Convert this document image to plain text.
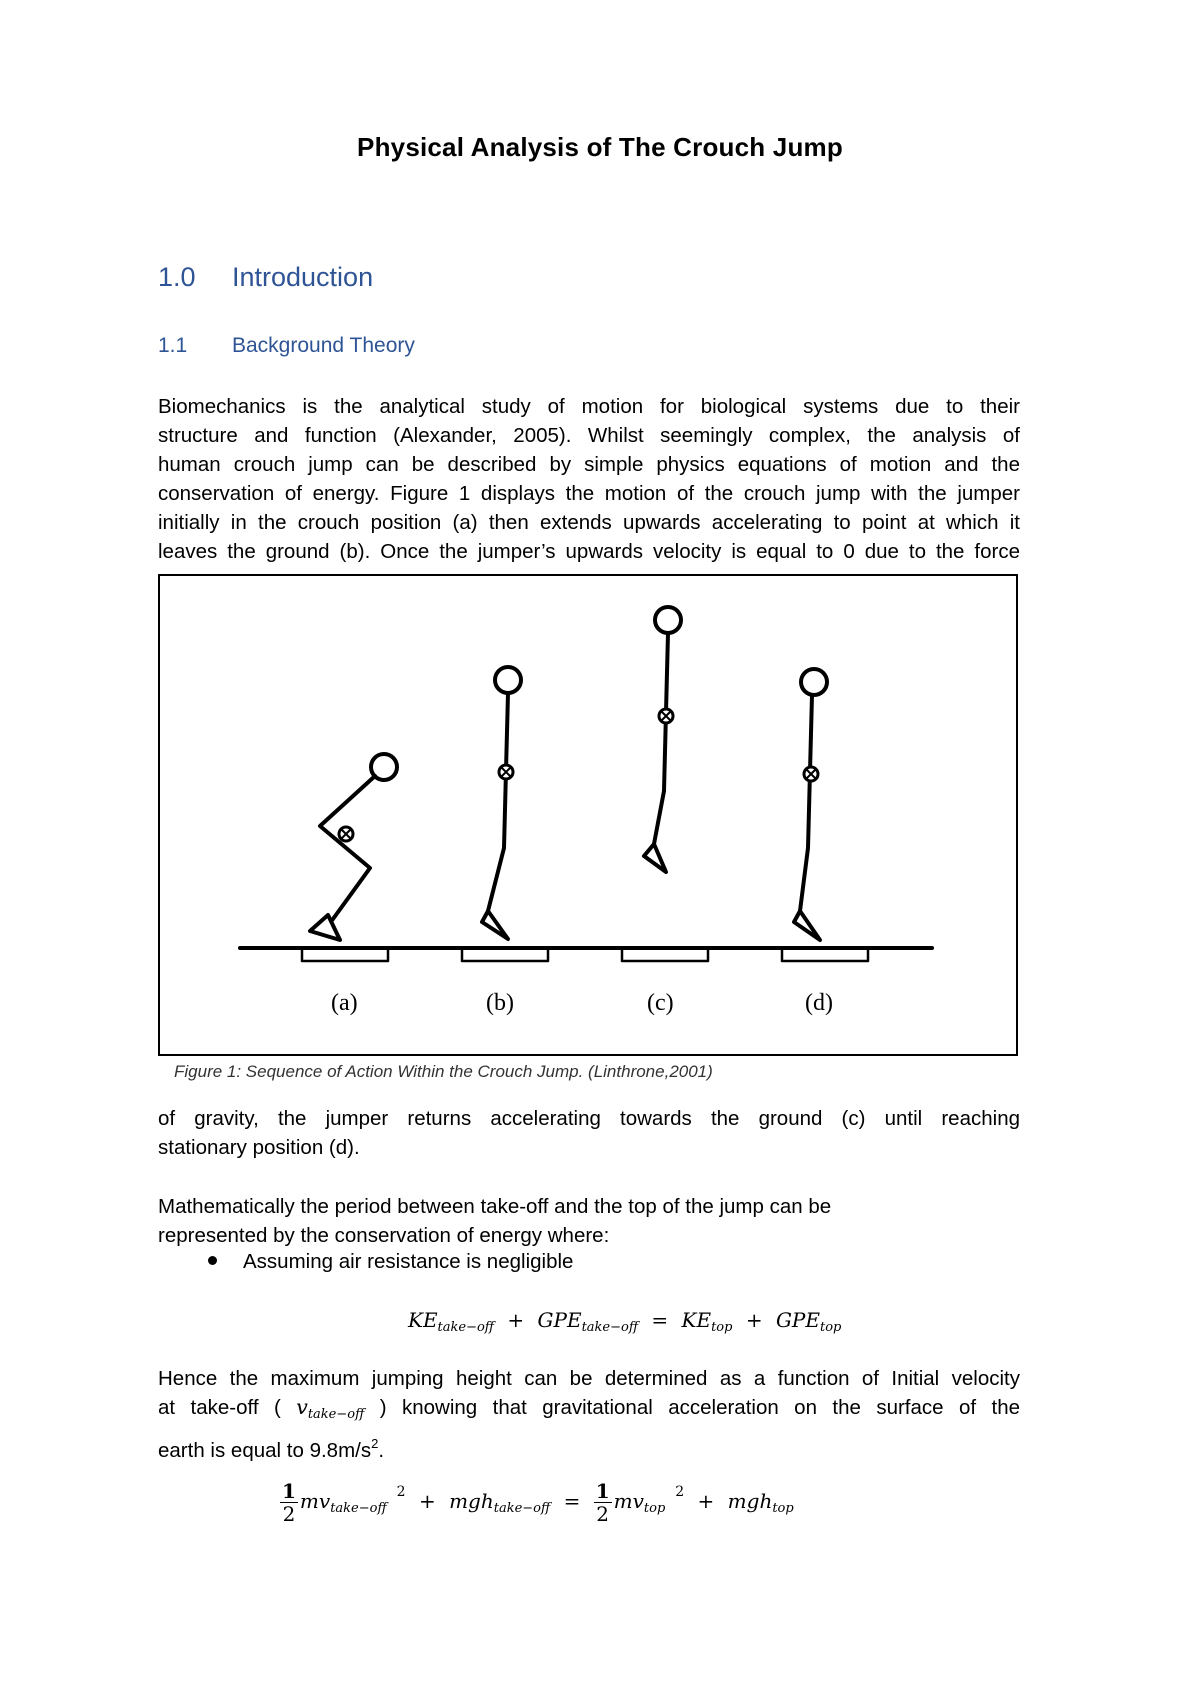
Physical Analysis of The Crouch Jump
1.0 Introduction
1.1 Background Theory
Biomechanics is the analytical study of motion for biological systems due to their
structure and function (Alexander, 2005). Whilst seemingly complex, the analysis of
human crouch jump can be described by simple physics equations of motion and the
conservation of energy. Figure 1 displays the motion of the crouch jump with the jumper
initially in the crouch position (a) then extends upwards accelerating to point at which it
leaves the ground (b). Once the jumper’s upwards velocity is equal to 0 due to the force
(a)	(b)	(c)	(d)
Figure 1: Sequence of Action Within the Crouch Jump. (Linthrone,2001)
of gravity, the jumper returns accelerating towards the ground (c) until reaching
stationary position (d).
Mathematically the period between take-off and the top of the jump can be
represented by the conservation of energy where:
Assuming air resistance is negligible
$KE_{take-off} + GPE_{take-off} = KE_{top} + GPE_{top}$
Hence the maximum jumping height can be determined as a function of Initial velocity
at take-off ( $v_{take-off}$ ) knowing that gravitational acceleration on the surface of the
earth is equal to $9.8m/s^2$.
$\frac{1}{2} mv_{take-off}^2 + mgh_{take-off} = \frac{1}{2} mv_{top}^2 + mgh_{top}$
